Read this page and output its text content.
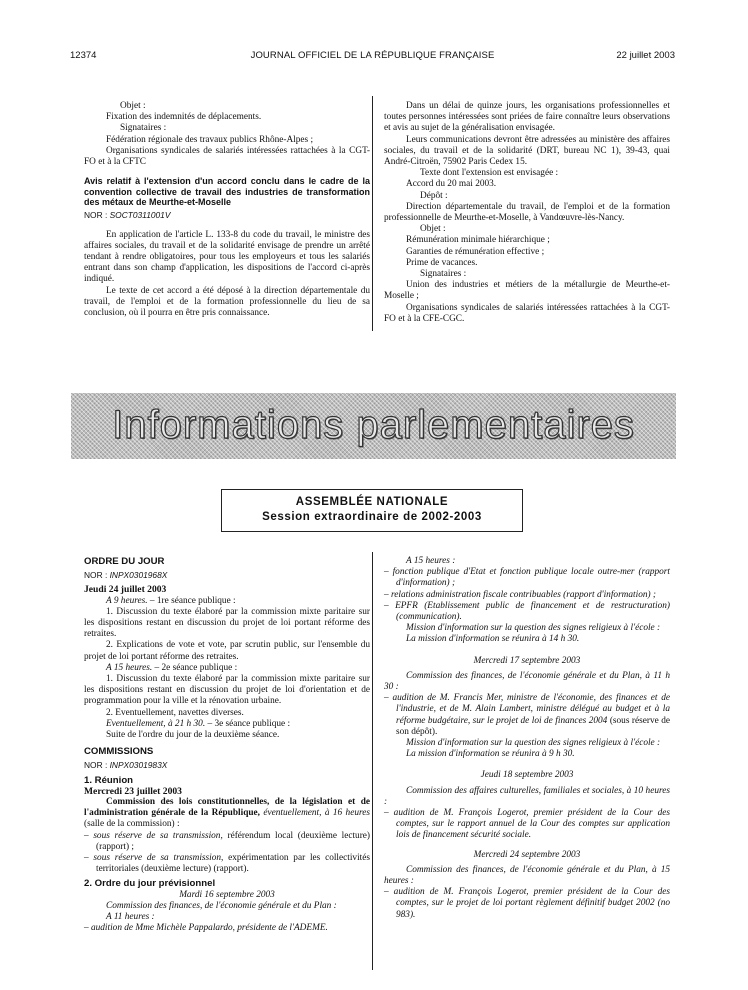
12374	JOURNAL OFFICIEL DE LA RÉPUBLIQUE FRANÇAISE	22 juillet 2003

Objet :

Fixation des indemnités de déplacements.

Signataires :

Fédération régionale des travaux publics Rhône-Alpes ;

Organisations syndicales de salariés intéressées rattachées à la CGT-FO et à la CFTC

Avis relatif à l'extension d'un accord conclu dans le cadre de la convention collective de travail des industries de transformation des métaux de Meurthe-et-Moselle

NOR : SOCT0311001V

En application de l'article L. 133-8 du code du travail, le ministre des affaires sociales, du travail et de la solidarité envisage de prendre un arrêté tendant à rendre obligatoires, pour tous les employeurs et tous les salariés entrant dans son champ d'application, les dispositions de l'accord ci-après indiqué.

Le texte de cet accord a été déposé à la direction départementale du travail, de l'emploi et de la formation professionnelle du lieu de sa conclusion, où il pourra en être pris connaissance.

Dans un délai de quinze jours, les organisations professionnelles et toutes personnes intéressées sont priées de faire connaître leurs observations et avis au sujet de la généralisation envisagée.

Leurs communications devront être adressées au ministère des affaires sociales, du travail et de la solidarité (DRT, bureau NC 1), 39-43, quai André-Citroën, 75902 Paris Cedex 15.

Texte dont l'extension est envisagée :

Accord du 20 mai 2003.

Dépôt :

Direction départementale du travail, de l'emploi et de la formation professionnelle de Meurthe-et-Moselle, à Vandœuvre-lès-Nancy.

Objet :

Rémunération minimale hiérarchique ;

Garanties de rémunération effective ;

Prime de vacances.

Signataires :

Union des industries et métiers de la métallurgie de Meurthe-et-Moselle ;

Organisations syndicales de salariés intéressées rattachées à la CGT-FO et à la CFE-CGC.

Informations parlementaires
ASSEMBLÉE NATIONALE
Session extraordinaire de 2002-2003

ORDRE DU JOUR

NOR : INPX0301968X

Jeudi 24 juillet 2003

A 9 heures. – 1re séance publique :

1. Discussion du texte élaboré par la commission mixte paritaire sur les dispositions restant en discussion du projet de loi portant réforme des retraites.

2. Explications de vote et vote, par scrutin public, sur l'ensemble du projet de loi portant réforme des retraites.

A 15 heures. – 2e séance publique :

1. Discussion du texte élaboré par la commission mixte paritaire sur les dispositions restant en discussion du projet de loi d'orientation et de programmation pour la ville et la rénovation urbaine.

2. Eventuellement, navettes diverses.

Eventuellement, à 21 h 30. – 3e séance publique :

Suite de l'ordre du jour de la deuxième séance.

COMMISSIONS

NOR : INPX0301983X

1. Réunion

Mercredi 23 juillet 2003

Commission des lois constitutionnelles, de la législation et de l'administration générale de la République, éventuellement, à 16 heures (salle de la commission) :

– sous réserve de sa transmission, référendum local (deuxième lecture) (rapport) ;

– sous réserve de sa transmission, expérimentation par les collectivités territoriales (deuxième lecture) (rapport).

2. Ordre du jour prévisionnel

Mardi 16 septembre 2003

Commission des finances, de l'économie générale et du Plan :

A 11 heures :

– audition de Mme Michèle Pappalardo, présidente de l'ADEME.

A 15 heures :

– fonction publique d'Etat et fonction publique locale outre-mer (rapport d'information) ;

– relations administration fiscale contribuables (rapport d'information) ;

– EPFR (Etablissement public de financement et de restructuration) (communication).

Mission d'information sur la question des signes religieux à l'école :

La mission d'information se réunira à 14 h 30.

Mercredi 17 septembre 2003

Commission des finances, de l'économie générale et du Plan, à 11 h 30 :

– audition de M. Francis Mer, ministre de l'économie, des finances et de l'industrie, et de M. Alain Lambert, ministre délégué au budget et à la réforme budgétaire, sur le projet de loi de finances 2004 (sous réserve de son dépôt).

Mission d'information sur la question des signes religieux à l'école :

La mission d'information se réunira à 9 h 30.

Jeudi 18 septembre 2003

Commission des affaires culturelles, familiales et sociales, à 10 heures :

– audition de M. François Logerot, premier président de la Cour des comptes, sur le rapport annuel de la Cour des comptes sur application lois de financement sécurité sociale.

Mercredi 24 septembre 2003

Commission des finances, de l'économie générale et du Plan, à 15 heures :

– audition de M. François Logerot, premier président de la Cour des comptes, sur le projet de loi portant règlement définitif budget 2002 (no 983).
